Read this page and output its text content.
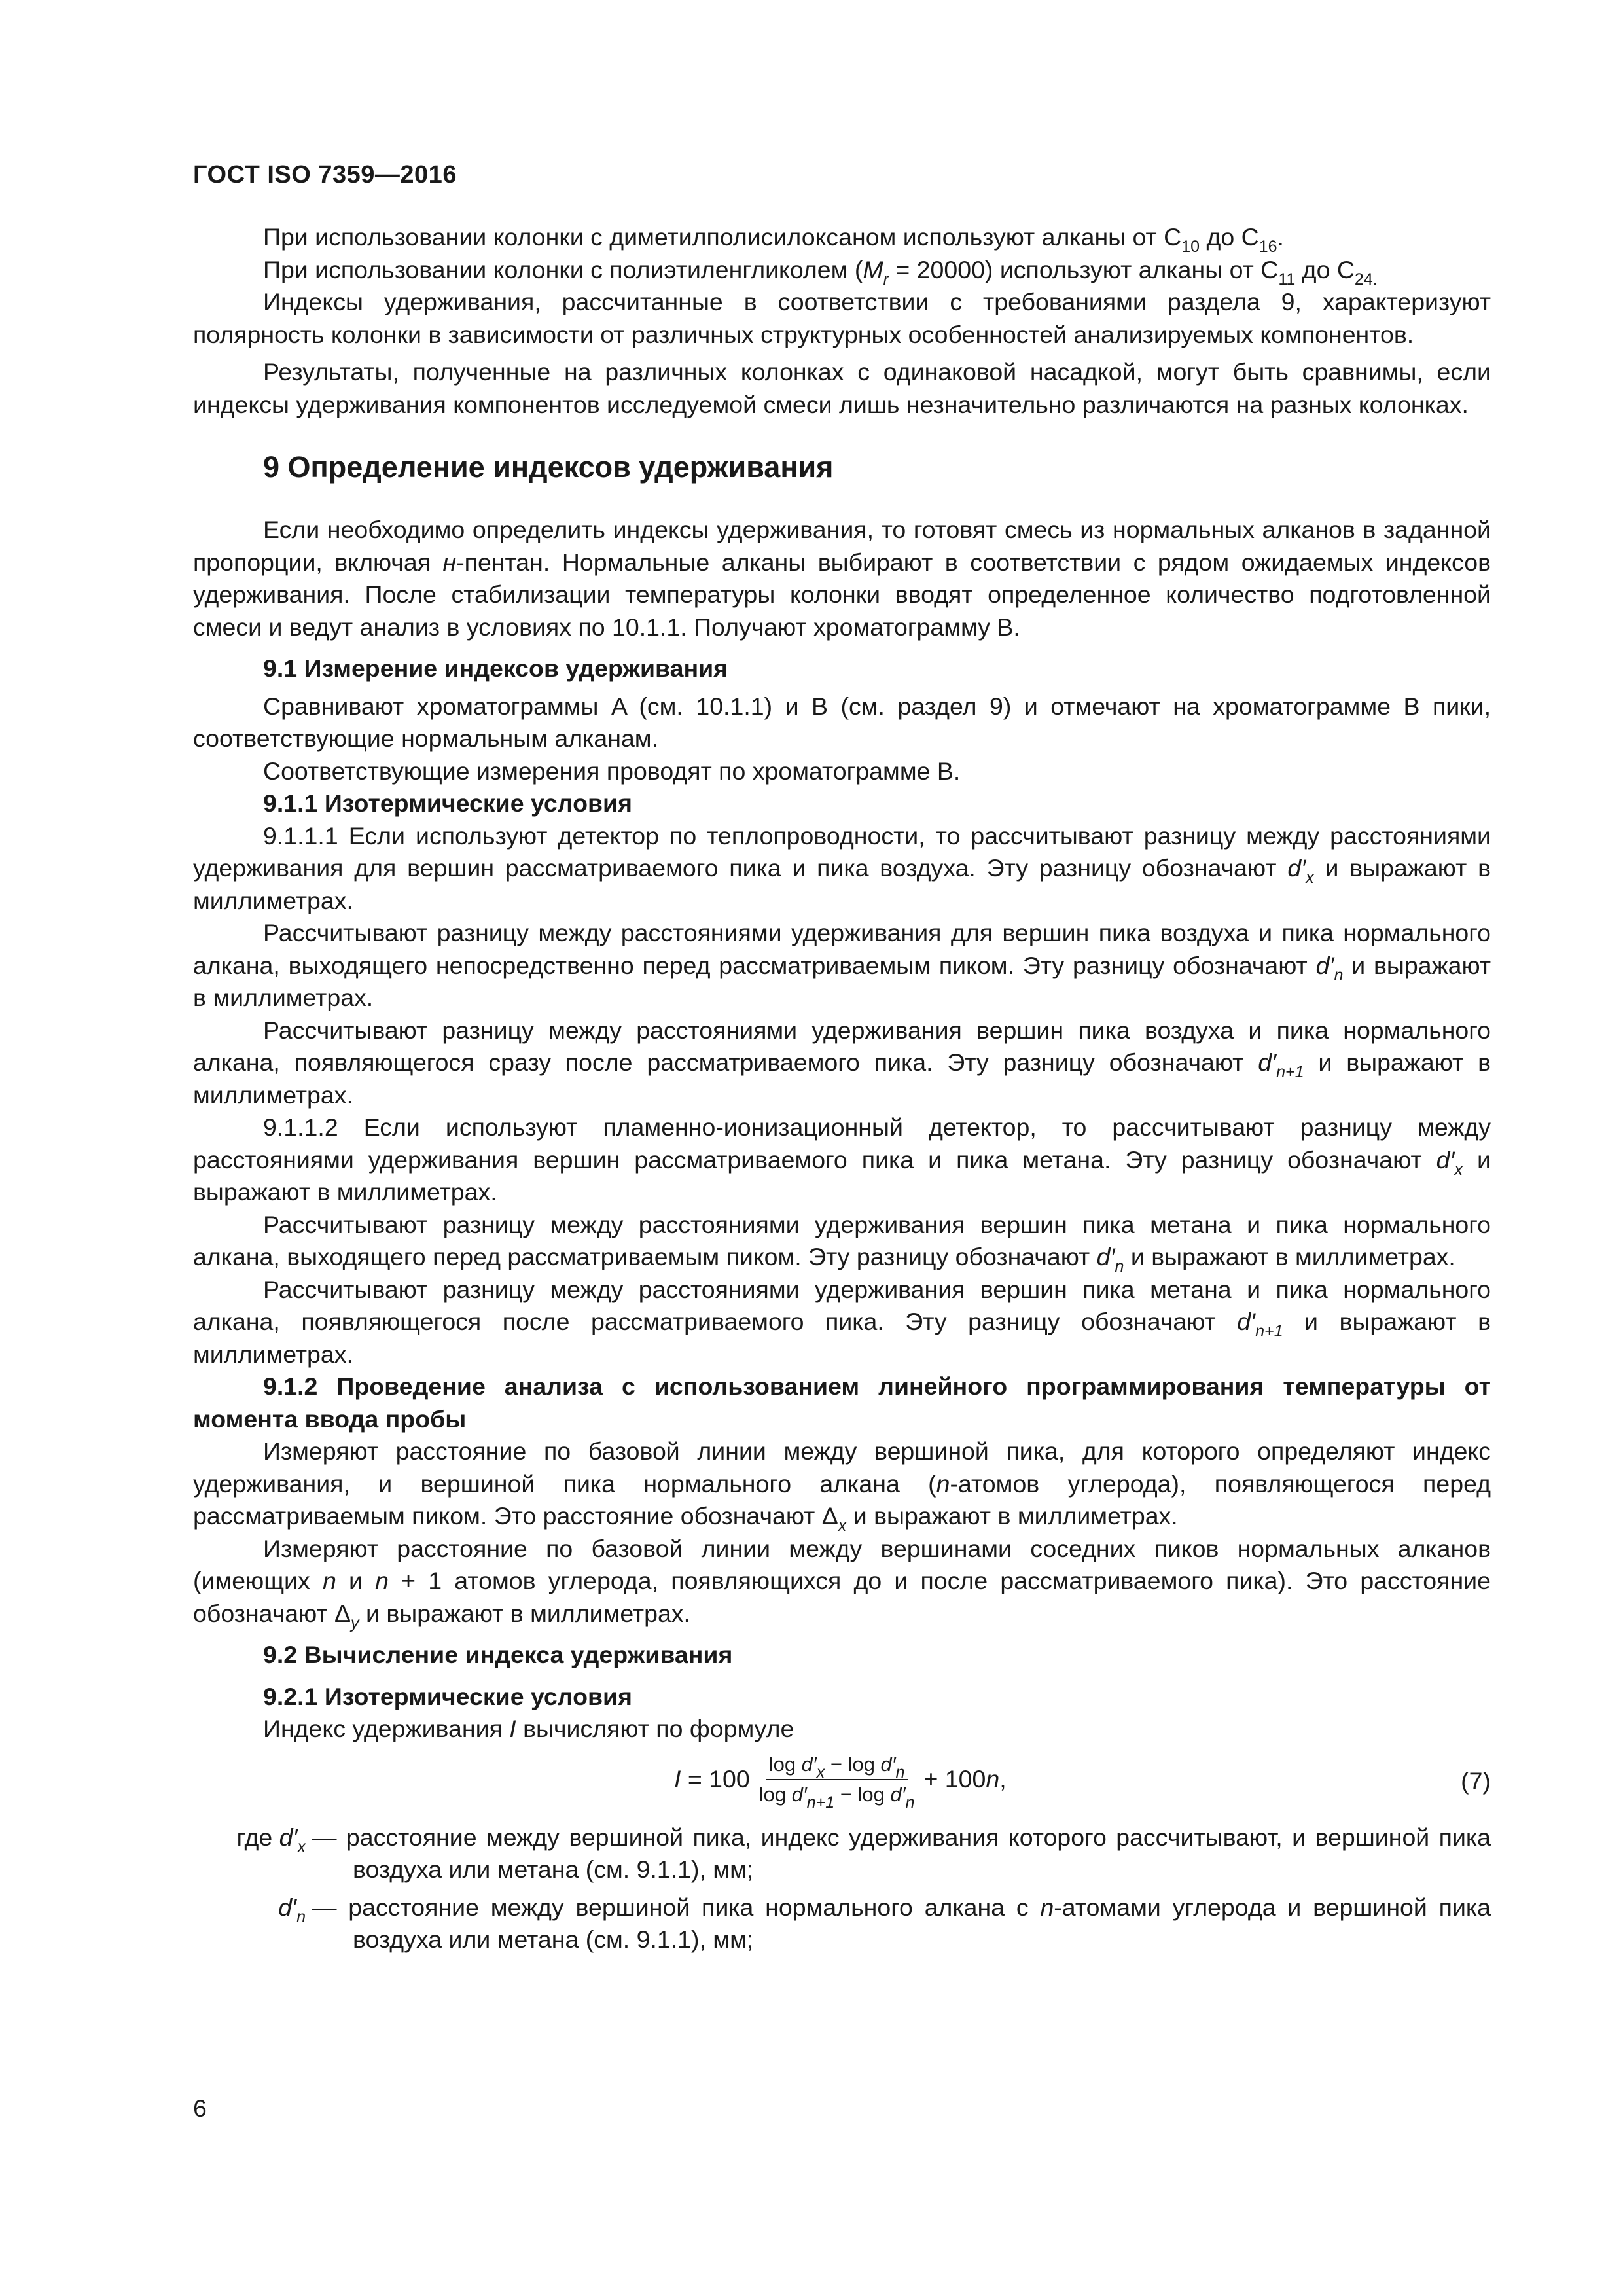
ГОСТ ISO 7359—2016

При использовании колонки с диметилполисилоксаном используют алканы от $C_{10}$ до $C_{16}$.

При использовании колонки с полиэтиленгликолем $(M_r = 20000)$ используют алканы от $C_{11}$ до $C_{24.}$

Индексы удерживания, рассчитанные в соответствии с требованиями раздела 9, характеризуют полярность колонки в зависимости от различных структурных особенностей анализируемых компонентов.

Результаты, полученные на различных колонках с одинаковой насадкой, могут быть сравнимы, если индексы удерживания компонентов исследуемой смеси лишь незначительно различаются на разных колонках.

9 Определение индексов удерживания

Если необходимо определить индексы удерживания, то готовят смесь из нормальных алканов в заданной пропорции, включая н-пентан. Нормальные алканы выбирают в соответствии с рядом ожидаемых индексов удерживания. После стабилизации температуры колонки вводят определенное количество подготовленной смеси и ведут анализ в условиях по 10.1.1. Получают хроматограмму B.

9.1 Измерение индексов удерживания

Сравнивают хроматограммы A (см. 10.1.1) и B (см. раздел 9) и отмечают на хроматограмме B пики, соответствующие нормальным алканам.

Соответствующие измерения проводят по хроматограмме B.

9.1.1 Изотермические условия

9.1.1.1 Если используют детектор по теплопроводности, то рассчитывают разницу между расстояниями удерживания для вершин рассматриваемого пика и пика воздуха. Эту разницу обозначают $d'_x$ и выражают в миллиметрах.

Рассчитывают разницу между расстояниями удерживания для вершин пика воздуха и пика нормального алкана, выходящего непосредственно перед рассматриваемым пиком. Эту разницу обозначают $d'_n$ и выражают в миллиметрах.

Рассчитывают разницу между расстояниями удерживания вершин пика воздуха и пика нормального алкана, появляющегося сразу после рассматриваемого пика. Эту разницу обозначают $d'_{n+1}$ и выражают в миллиметрах.

9.1.1.2 Если используют пламенно-ионизационный детектор, то рассчитывают разницу между расстояниями удерживания вершин рассматриваемого пика и пика метана. Эту разницу обозначают $d'_x$ и выражают в миллиметрах.

Рассчитывают разницу между расстояниями удерживания вершин пика метана и пика нормального алкана, выходящего перед рассматриваемым пиком. Эту разницу обозначают $d'_n$ и выражают в миллиметрах.

Рассчитывают разницу между расстояниями удерживания вершин пика метана и пика нормального алкана, появляющегося после рассматриваемого пика. Эту разницу обозначают $d'_{n+1}$ и выражают в миллиметрах.

9.1.2 Проведение анализа с использованием линейного программирования температуры от момента ввода пробы

Измеряют расстояние по базовой линии между вершиной пика, для которого определяют индекс удерживания, и вершиной пика нормального алкана (n-атомов углерода), появляющегося перед рассматриваемым пиком. Это расстояние обозначают $\Delta_x$ и выражают в миллиметрах.

Измеряют расстояние по базовой линии между вершинами соседних пиков нормальных алканов (имеющих n и n + 1 атомов углерода, появляющихся до и после рассматриваемого пика). Это расстояние обозначают $\Delta_y$ и выражают в миллиметрах.

9.2 Вычисление индекса удерживания

9.2.1 Изотермические условия

Индекс удерживания I вычисляют по формуле

$I = 100 \frac{\log d'_x - \log d'_n}{\log d'_{n+1} - \log d'_n} + 100n$,	(7)
где $d'_x$ — расстояние между вершиной пика, индекс удерживания которого рассчитывают, и вершиной пика воздуха или метана (см. 9.1.1), мм;
$d'_n$ — расстояние между вершиной пика нормального алкана с n-атомами углерода и вершиной пика воздуха или метана (см. 9.1.1), мм;
6
